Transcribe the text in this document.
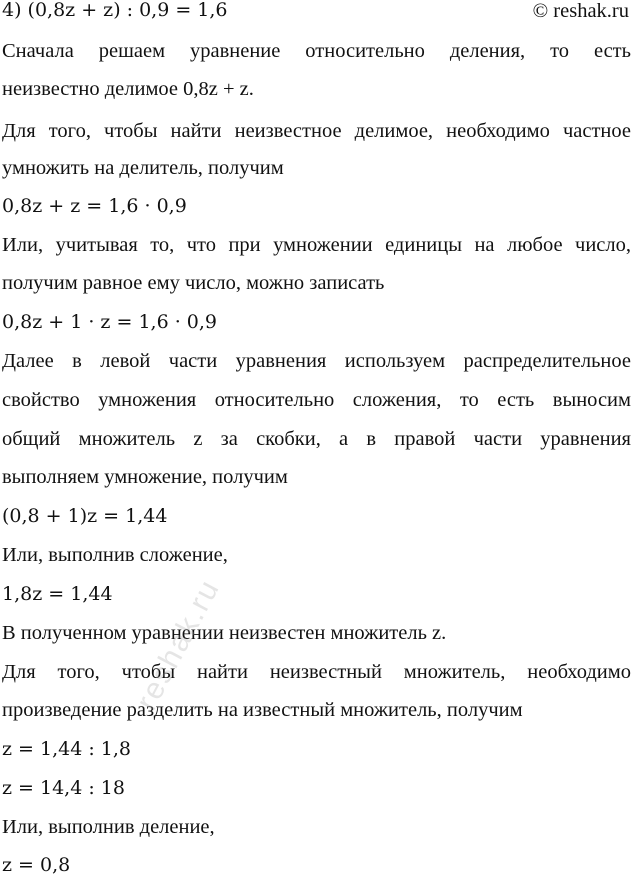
4) (0,8z + z) : 0,9 = 1,6	© reshak.ru
Сначала решаем уравнение относительно деления, то есть
неизвестно делимое 0,8z + z.
Для того, чтобы найти неизвестное делимое, необходимо частное
умножить на делитель, получим
0,8z + z = 1,6 · 0,9
Или, учитывая то, что при умножении единицы на любое число,
получим равное ему число, можно записать
0,8z + 1 · z = 1,6 · 0,9
Далее в левой части уравнения используем распределительное
свойство умножения относительно сложения, то есть выносим
общий множитель z за скобки, а в правой части уравнения
выполняем умножение, получим
(0,8 + 1)z = 1,44
Или, выполнив сложение,
1,8z = 1,44
В полученном уравнении неизвестен множитель z.
Для того, чтобы найти неизвестный множитель, необходимо
произведение разделить на известный множитель, получим
z = 1,44 : 1,8
z = 14,4 : 18
Или, выполнив деление,
z = 0,8
reshak.ru
